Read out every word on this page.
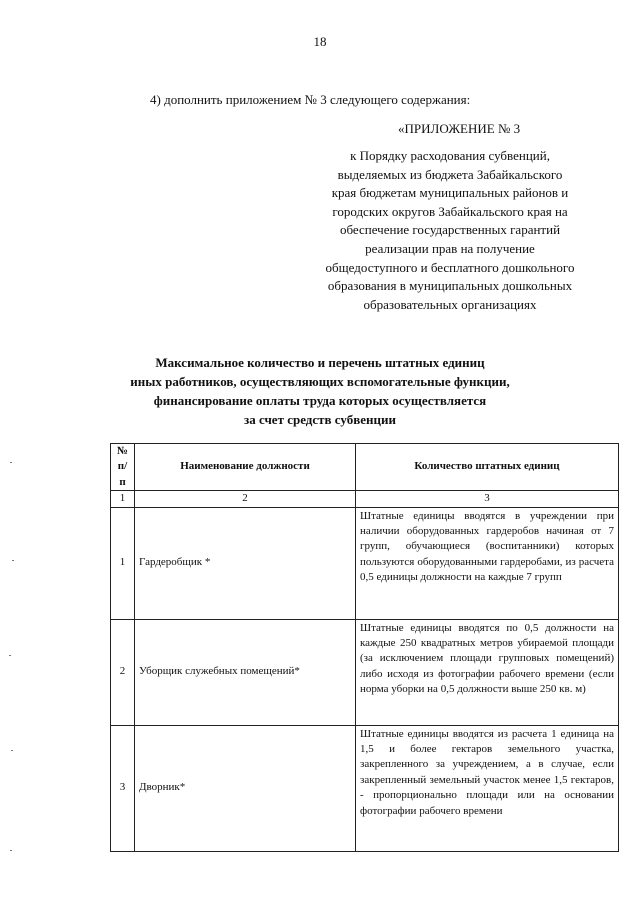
18
4) дополнить приложением № 3 следующего содержания:
«ПРИЛОЖЕНИЕ № 3
к Порядку расходования субвенций,
выделяемых из бюджета Забайкальского
края бюджетам муниципальных районов и
городских округов Забайкальского края на
обеспечение государственных гарантий
реализации прав на получение
общедоступного и бесплатного дошкольного
образования в муниципальных дошкольных
образовательных организациях
Максимальное количество и перечень штатных единиц
иных работников, осуществляющих вспомогательные функции,
финансирование оплаты труда которых осуществляется
за счет средств субвенции
№
п/п	Наименование должности	Количество штатных единиц
1	2	3
1	Гардеробщик *	Штатные единицы вводятся в учреждении при наличии оборудованных гардеробов начиная от 7 групп, обучающиеся (воспитанники) которых пользуются оборудованными гардеробами, из расчета 0,5 единицы должности на каждые 7 групп
2	Уборщик служебных помещений*	Штатные единицы вводятся по 0,5 должности на каждые 250 квадратных метров убираемой площади (за исключением площади групповых помещений) либо исходя из фотографии рабочего времени (если норма уборки на 0,5 должности выше 250 кв. м)
3	Дворник*	Штатные единицы вводятся из расчета 1 единица на 1,5 и более гектаров земельного участка, закрепленного за учреждением, а в случае, если закрепленный земельный участок менее 1,5 гектаров, - пропорционально площади или на основании фотографии рабочего времени
